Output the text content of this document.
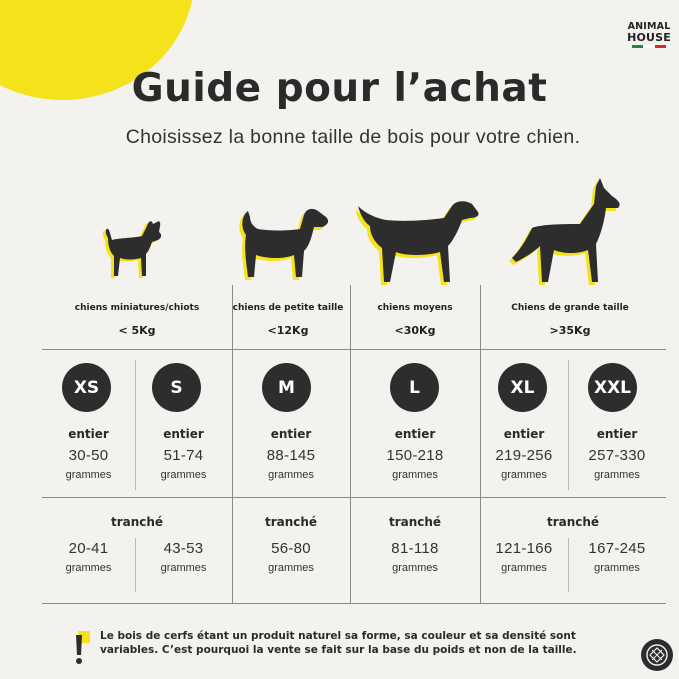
ANIMAL
HOUSE
Guide pour l’achat
Choisissez la bonne taille de bois pour votre chien.
chiens miniatures/chiots	chiens de petite taille	chiens moyens	Chiens de grande taille
< 5Kg	<12Kg	<30Kg	>35Kg
XS	S	M	L	XL	XXL
entier	entier	entier	entier	entier	entier
30-50	51-74	88-145	150-218	219-256	257-330
grammes	grammes	grammes	grammes	grammes	grammes
tranché	tranché	tranché	tranché
20-41	43-53	56-80	81-118	121-166	167-245
grammes	grammes	grammes	grammes	grammes	grammes
Le bois de cerfs étant un produit naturel sa forme, sa couleur et sa densité sont variables. C’est pourquoi la vente se fait sur la base du poids et non de la taille.
